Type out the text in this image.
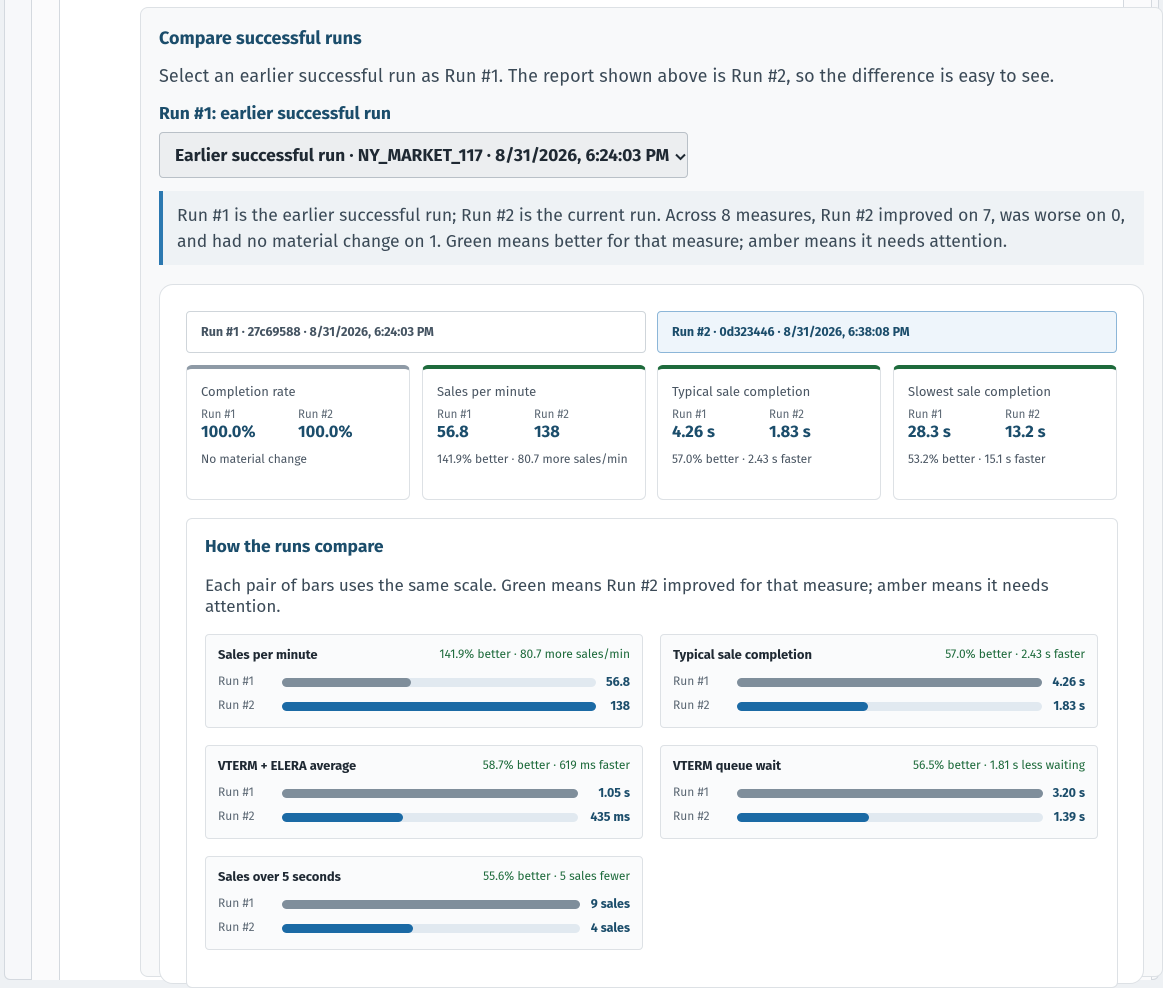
Compare successful runs

Select an earlier successful run as Run #1. The report shown above is Run #2, so the difference is easy to see.

Run #1: earlier successful run
Earlier successful run · NY_MARKET_117 · 8/31/2026, 6:24:03 PM
Run #1 is the earlier successful run; Run #2 is the current run. Across 8 measures, Run #2 improved on 7, was worse on 0,
and had no material change on 1. Green means better for that measure; amber means it needs attention.
Run #1 · 27c69588 · 8/31/2026, 6:24:03 PM	Run #2 · 0d323446 · 8/31/2026, 6:38:08 PM
Completion rate
Run #1
100.0%
Run #2
100.0%
No material change
Sales per minute
Run #1
56.8
Run #2
138
141.9% better · 80.7 more sales/min
Typical sale completion
Run #1
4.26 s
Run #2
1.83 s
57.0% better · 2.43 s faster
Slowest sale completion
Run #1
28.3 s
Run #2
13.2 s
53.2% better · 15.1 s faster
How the runs compare

Each pair of bars uses the same scale. Green means Run #2 improved for that measure; amber means it needs attention.

Sales per minute	141.9% better · 80.7 more sales/min
Run #1	56.8
Run #2	138
Typical sale completion	57.0% better · 2.43 s faster
Run #1	4.26 s
Run #2	1.83 s
VTERM + ELERA average	58.7% better · 619 ms faster
Run #1	1.05 s
Run #2	435 ms
VTERM queue wait	56.5% better · 1.81 s less waiting
Run #1	3.20 s
Run #2	1.39 s
Sales over 5 seconds	55.6% better · 5 sales fewer
Run #1	9 sales
Run #2	4 sales
